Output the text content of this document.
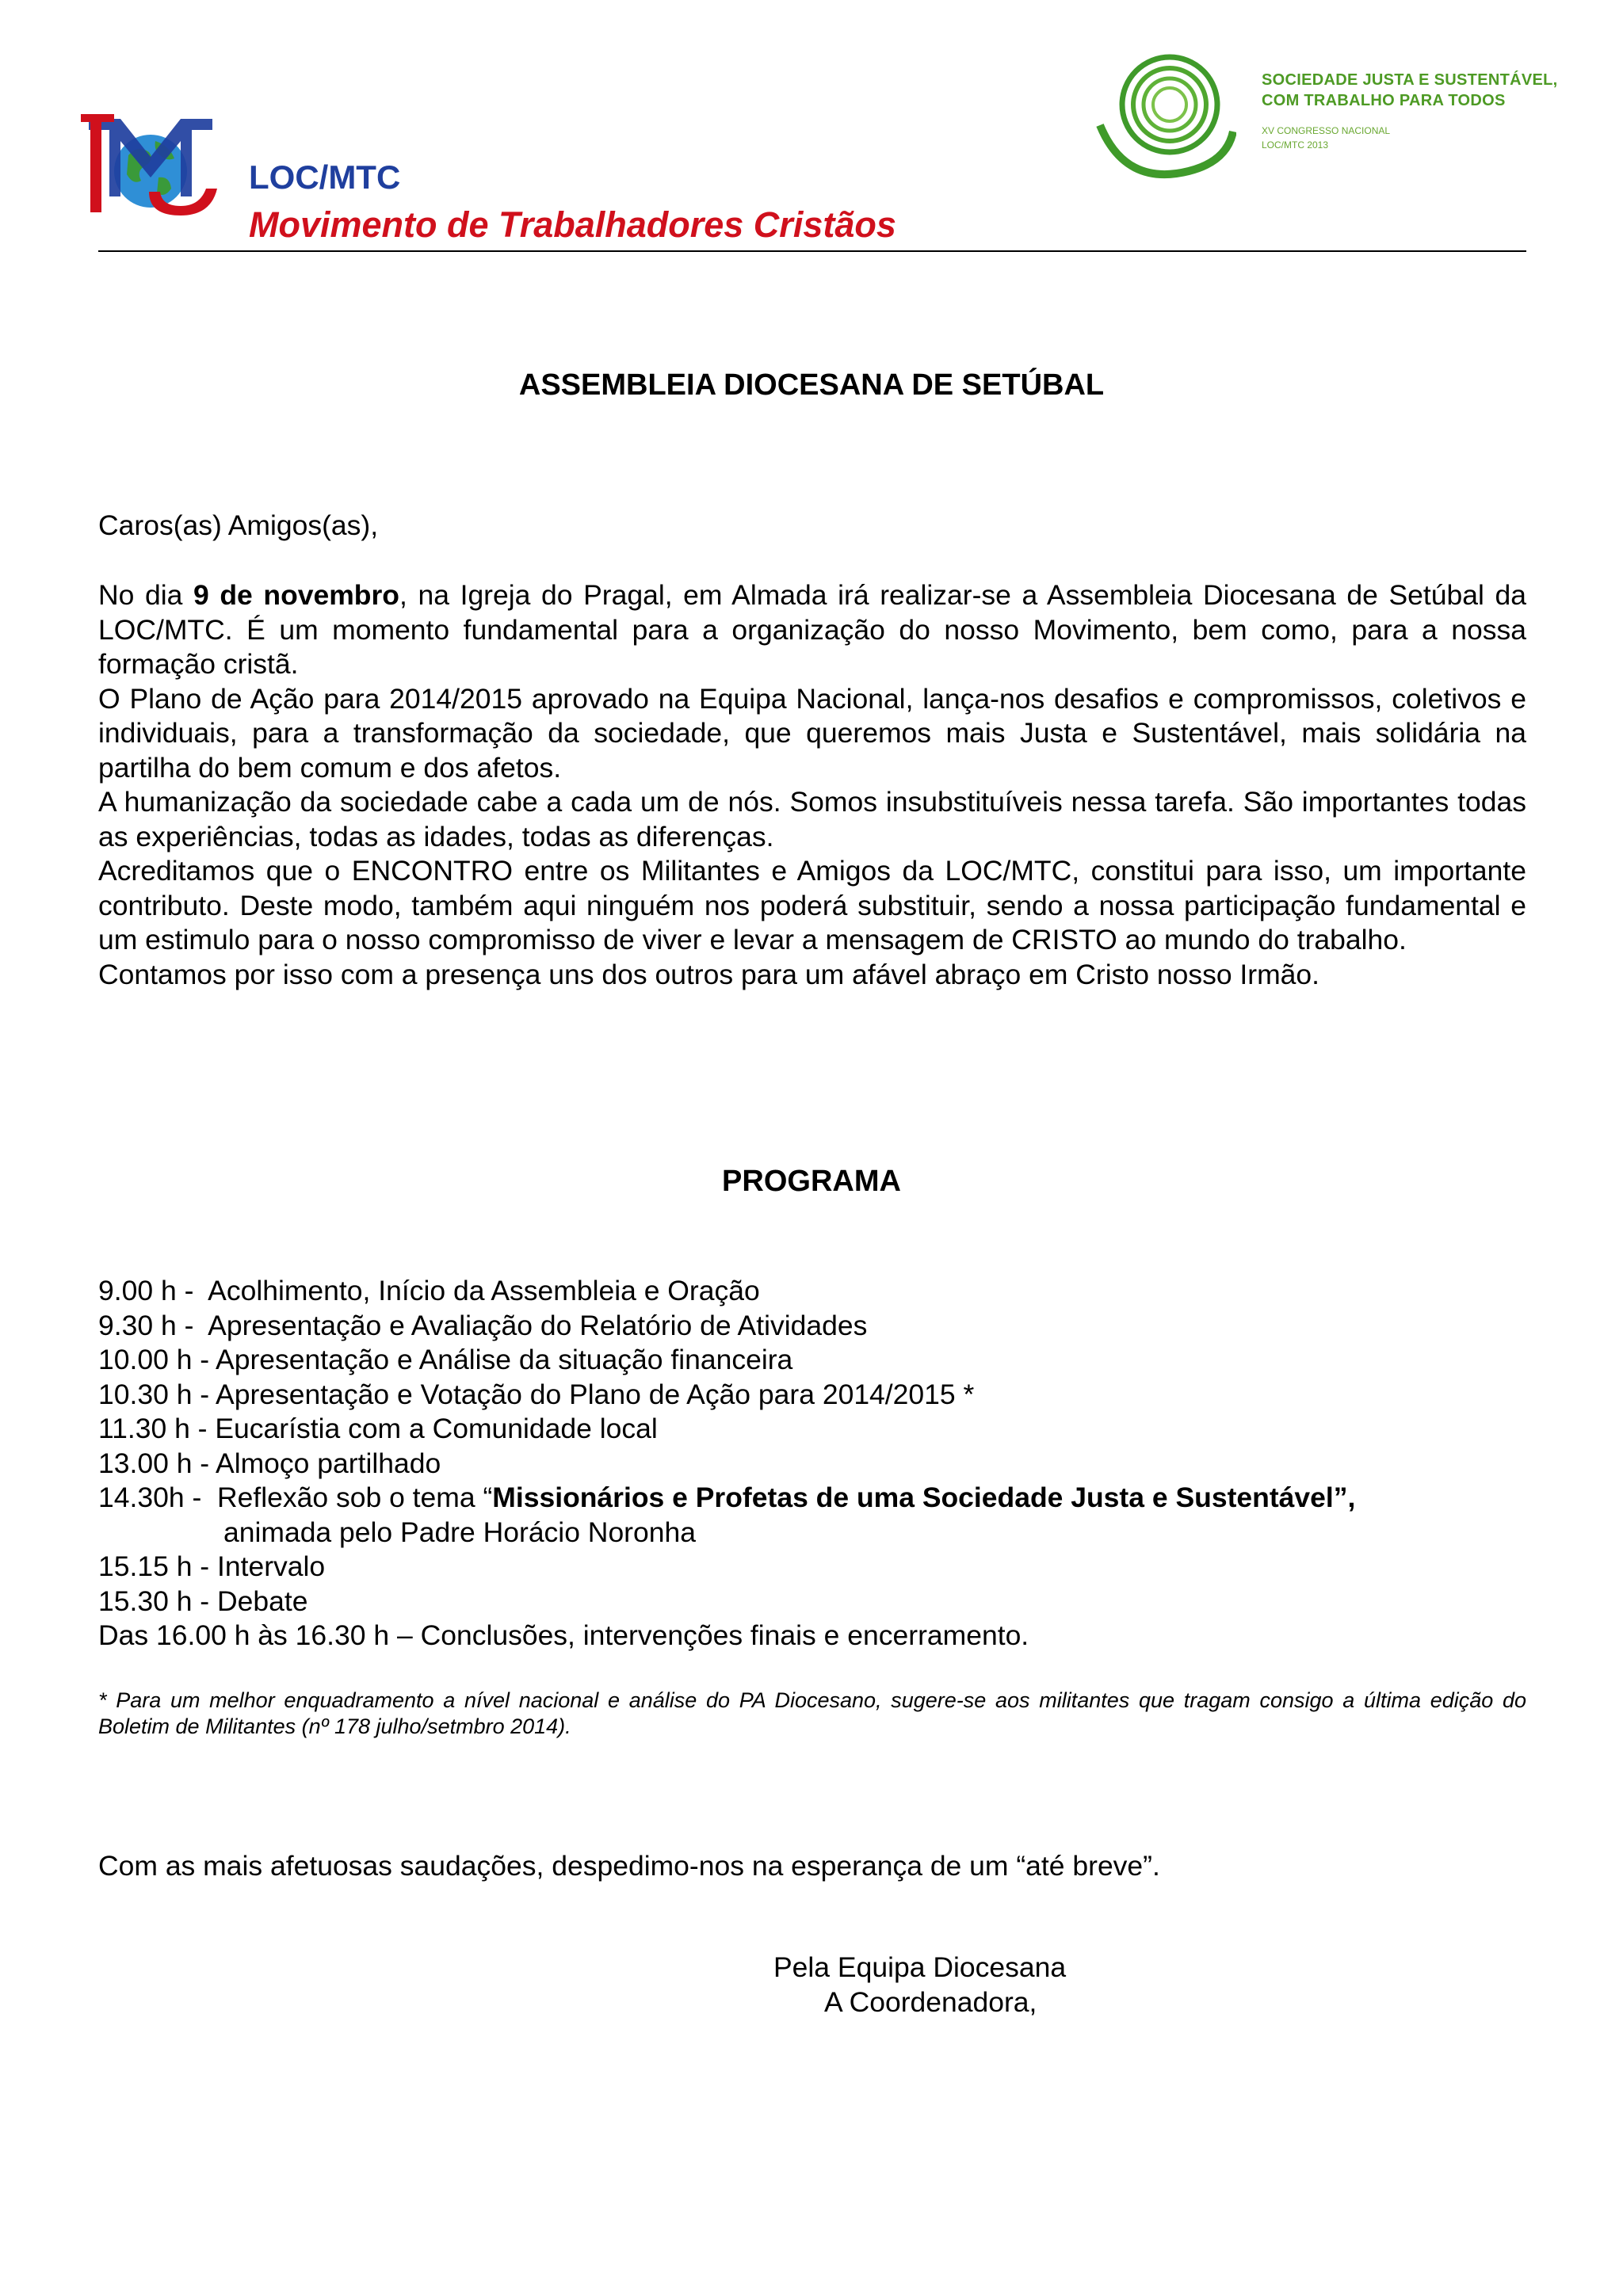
MTC
LOC/MTC
Movimento de Trabalhadores Cristãos
SOCIEDADE JUSTA E SUSTENTÁVEL,
COM TRABALHO PARA TODOS
XV CONGRESSO NACIONAL
LOC/MTC 2013
ASSEMBLEIA DIOCESANA DE SETÚBAL
Caros(as) Amigos(as),
No dia 9 de novembro, na Igreja do Pragal, em Almada irá realizar-se a Assembleia Diocesana de Setúbal da LOC/MTC. É um momento fundamental para a organização do nosso Movimento, bem como, para a nossa formação cristã.
O Plano de Ação para 2014/2015 aprovado na Equipa Nacional, lança-nos desafios e compromissos, coletivos e individuais, para a transformação da sociedade, que queremos mais Justa e Sustentável, mais solidária na partilha do bem comum e dos afetos.
A humanização da sociedade cabe a cada um de nós. Somos insubstituíveis nessa tarefa. São importantes todas as experiências, todas as idades, todas as diferenças.
Acreditamos que o ENCONTRO entre os Militantes e Amigos da LOC/MTC, constitui para isso, um importante contributo. Deste modo, também aqui ninguém nos poderá substituir, sendo a nossa participação fundamental e um estimulo para o nosso compromisso de viver e levar a mensagem de CRISTO ao mundo do trabalho.
Contamos por isso com a presença uns dos outros para um afável abraço em Cristo nosso Irmão.
PROGRAMA
9.00 h -  Acolhimento, Início da Assembleia e Oração
9.30 h -  Apresentação e Avaliação do Relatório de Atividades
10.00 h - Apresentação e Análise da situação financeira
10.30 h - Apresentação e Votação do Plano de Ação para 2014/2015 *
11.30 h - Eucarístia com a Comunidade local
13.00 h - Almoço partilhado
14.30h -  Reflexão sob o tema “Missionários e Profetas de uma Sociedade Justa e Sustentável”,
animada pelo Padre Horácio Noronha
15.15 h - Intervalo
15.30 h - Debate
Das 16.00 h às 16.30 h – Conclusões, intervenções finais e encerramento.
* Para um melhor enquadramento a nível nacional e análise do PA Diocesano, sugere-se aos militantes que tragam consigo a última edição do Boletim de Militantes (nº 178 julho/setmbro 2014).
Com as mais afetuosas saudações, despedimo-nos na esperança de um “até breve”.
Pela Equipa Diocesana
A Coordenadora,
